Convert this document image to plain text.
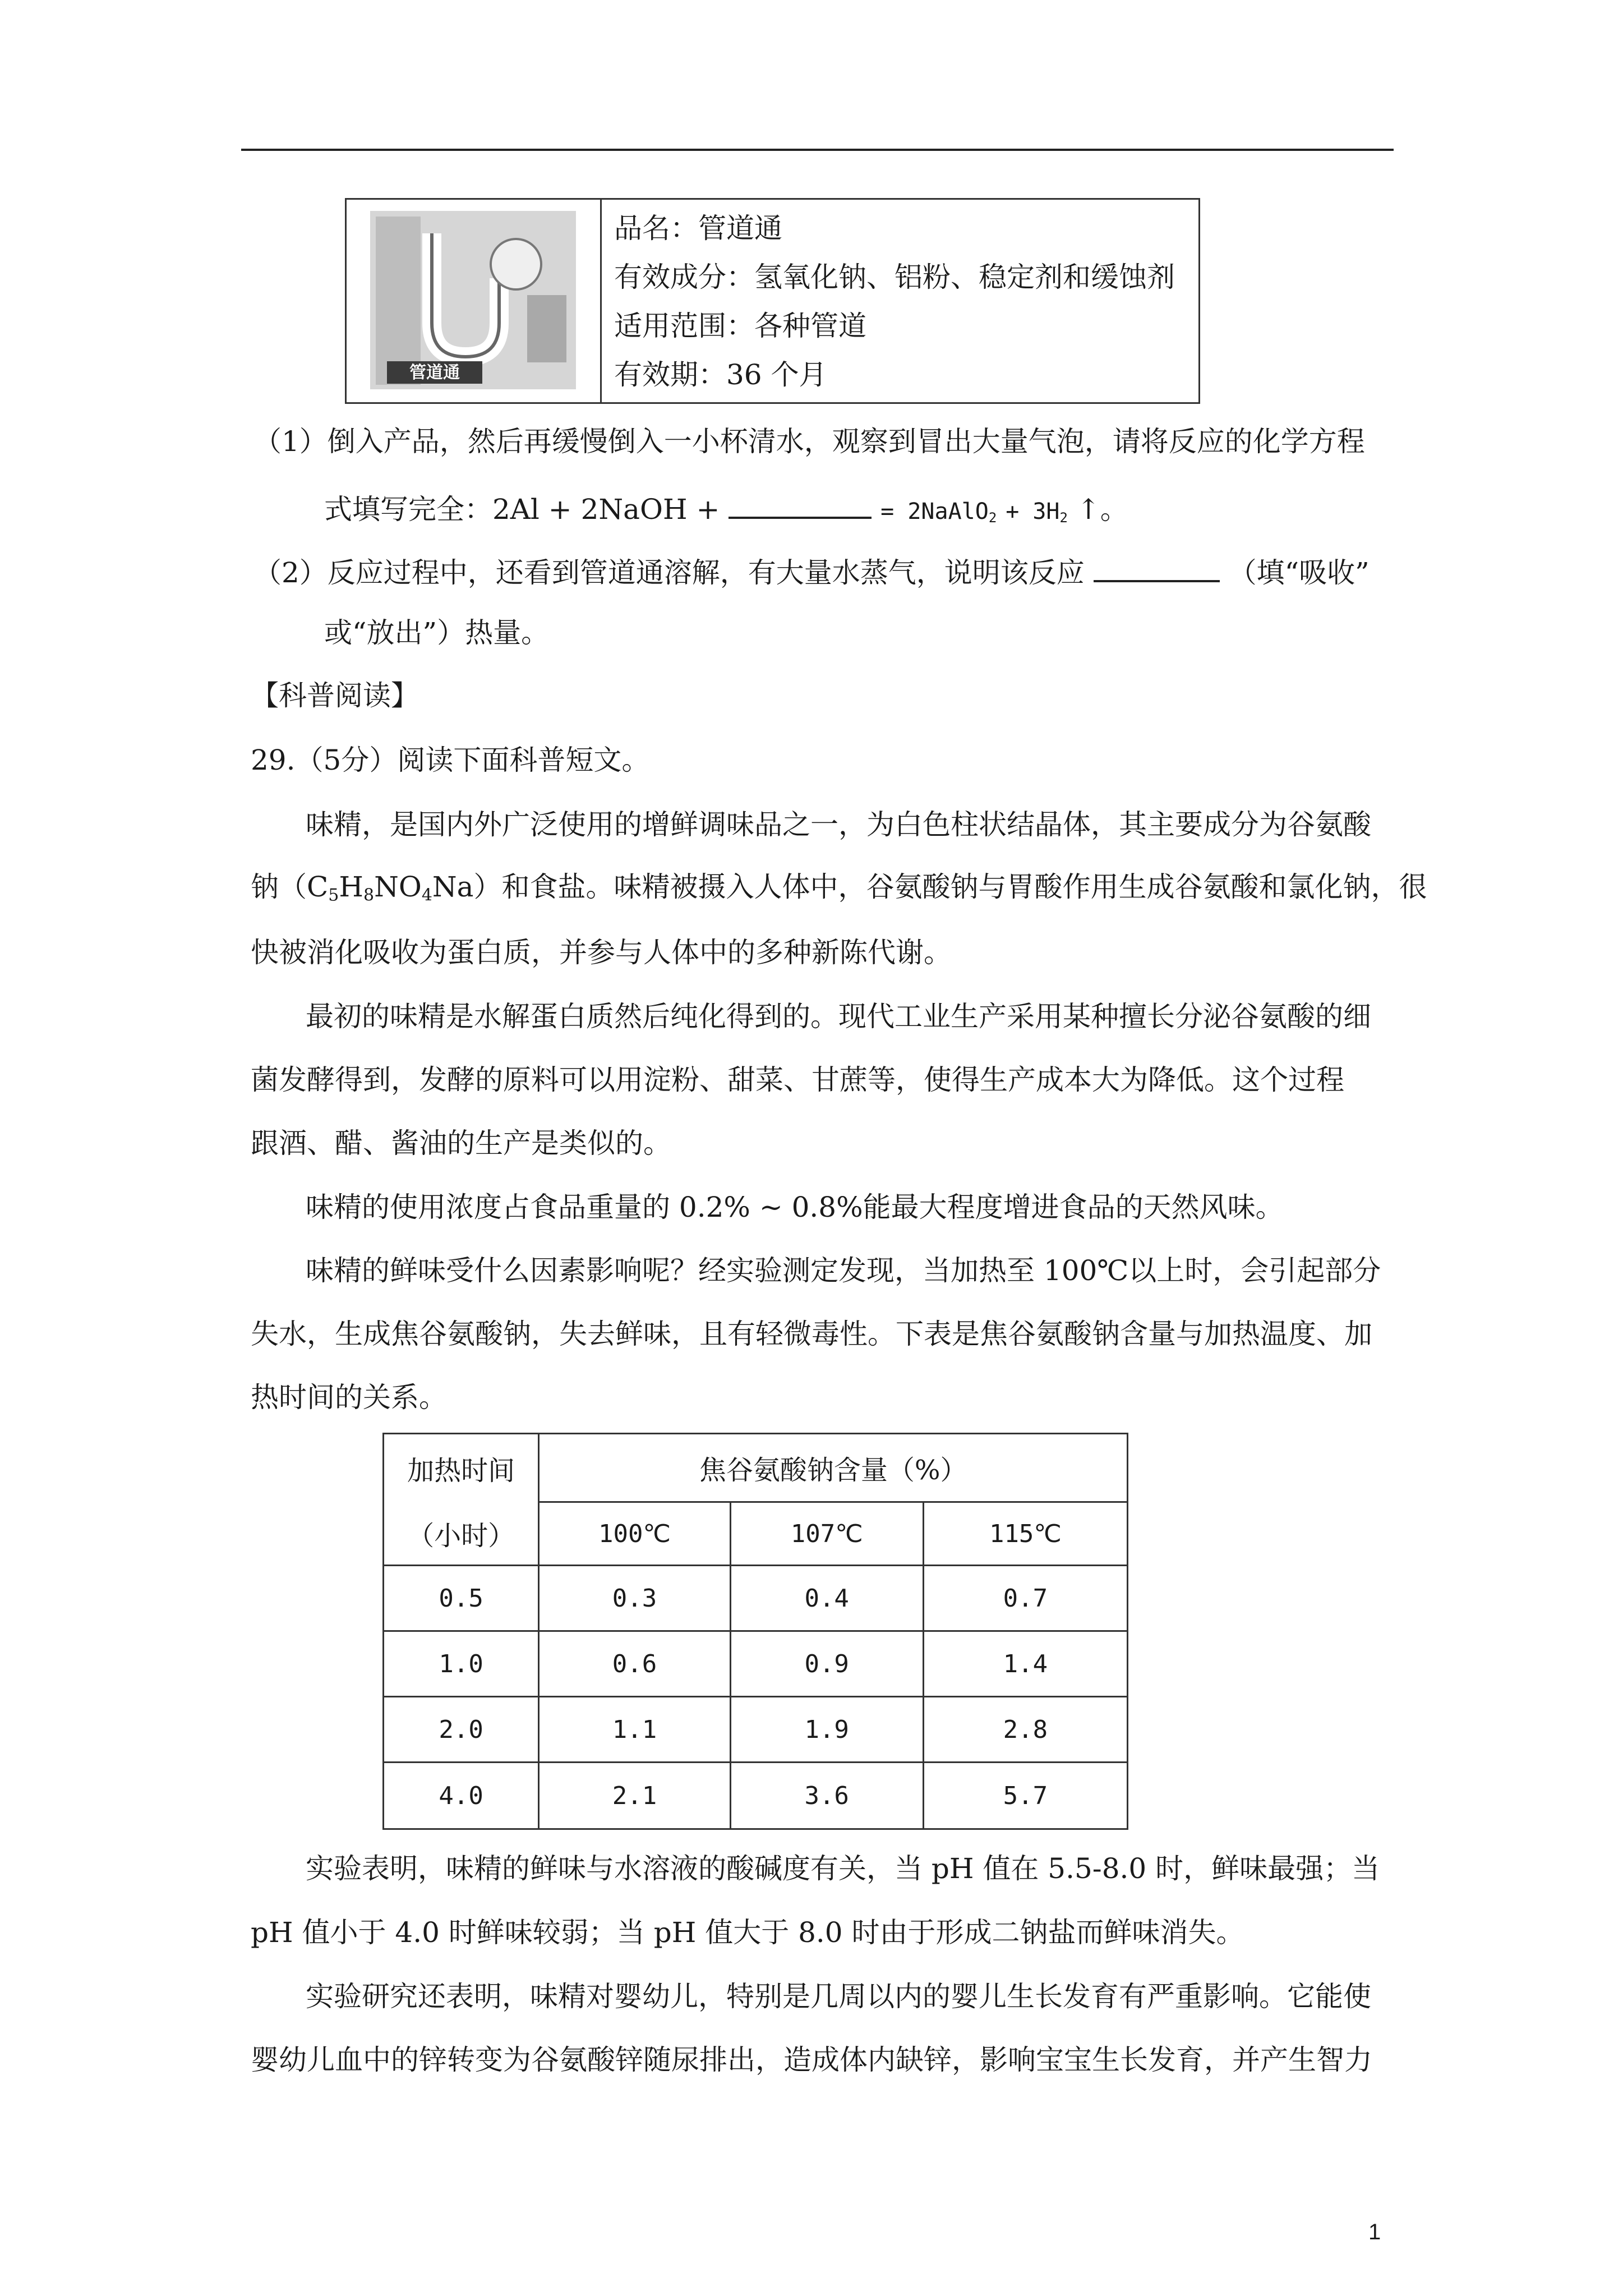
管道通
品名：管道通
有效成分：氢氧化钠、铝粉、稳定剂和缓蚀剂
适用范围：各种管道
有效期：36 个月
（1）倒入产品，然后再缓慢倒入一小杯清水，观察到冒出大量气泡，请将反应的化学方程
式填写完全：2Al + 2NaOH +	= 2NaAlO$_2$ + $3H_2$ ↑。
（2）反应过程中，还看到管道通溶解，有大量水蒸气，说明该反应	（填“吸收”
或“放出”）热量。
【科普阅读】
29.（5分）阅读下面科普短文。
味精，是国内外广泛使用的增鲜调味品之一，为白色柱状结晶体，其主要成分为谷氨酸
钠$(C_5H_8NO_4Na)$和食盐。味精被摄入人体中，谷氨酸钠与胃酸作用生成谷氨酸和氯化钠，很
快被消化吸收为蛋白质，并参与人体中的多种新陈代谢。
最初的味精是水解蛋白质然后纯化得到的。现代工业生产采用某种擅长分泌谷氨酸的细
菌发酵得到，发酵的原料可以用淀粉、甜菜、甘蔗等，使得生产成本大为降低。这个过程
跟酒、醋、酱油的生产是类似的。
味精的使用浓度占食品重量的 0.2% ~ 0.8%能最大程度增进食品的天然风味。
味精的鲜味受什么因素影响呢？经实验测定发现，当加热至 100℃以上时，会引起部分
失水，生成焦谷氨酸钠，失去鲜味，且有轻微毒性。下表是焦谷氨酸钠含量与加热温度、加
热时间的关系。
加热时间	焦谷氨酸钠含量（%）		
（小时）	100℃	107℃	115℃
0.5	0.3	0.4	0.7
1.0	0.6	0.9	1.4
2.0	1.1	1.9	2.8
4.0	2.1	3.6	5.7
实验表明，味精的鲜味与水溶液的酸碱度有关，当 pH 值在 5.5-8.0 时，鲜味最强；当
pH 值小于 4.0 时鲜味较弱；当 pH 值大于 8.0 时由于形成二钠盐而鲜味消失。
实验研究还表明，味精对婴幼儿，特别是几周以内的婴儿生长发育有严重影响。它能使
婴幼儿血中的锌转变为谷氨酸锌随尿排出，造成体内缺锌，影响宝宝生长发育，并产生智力
1
